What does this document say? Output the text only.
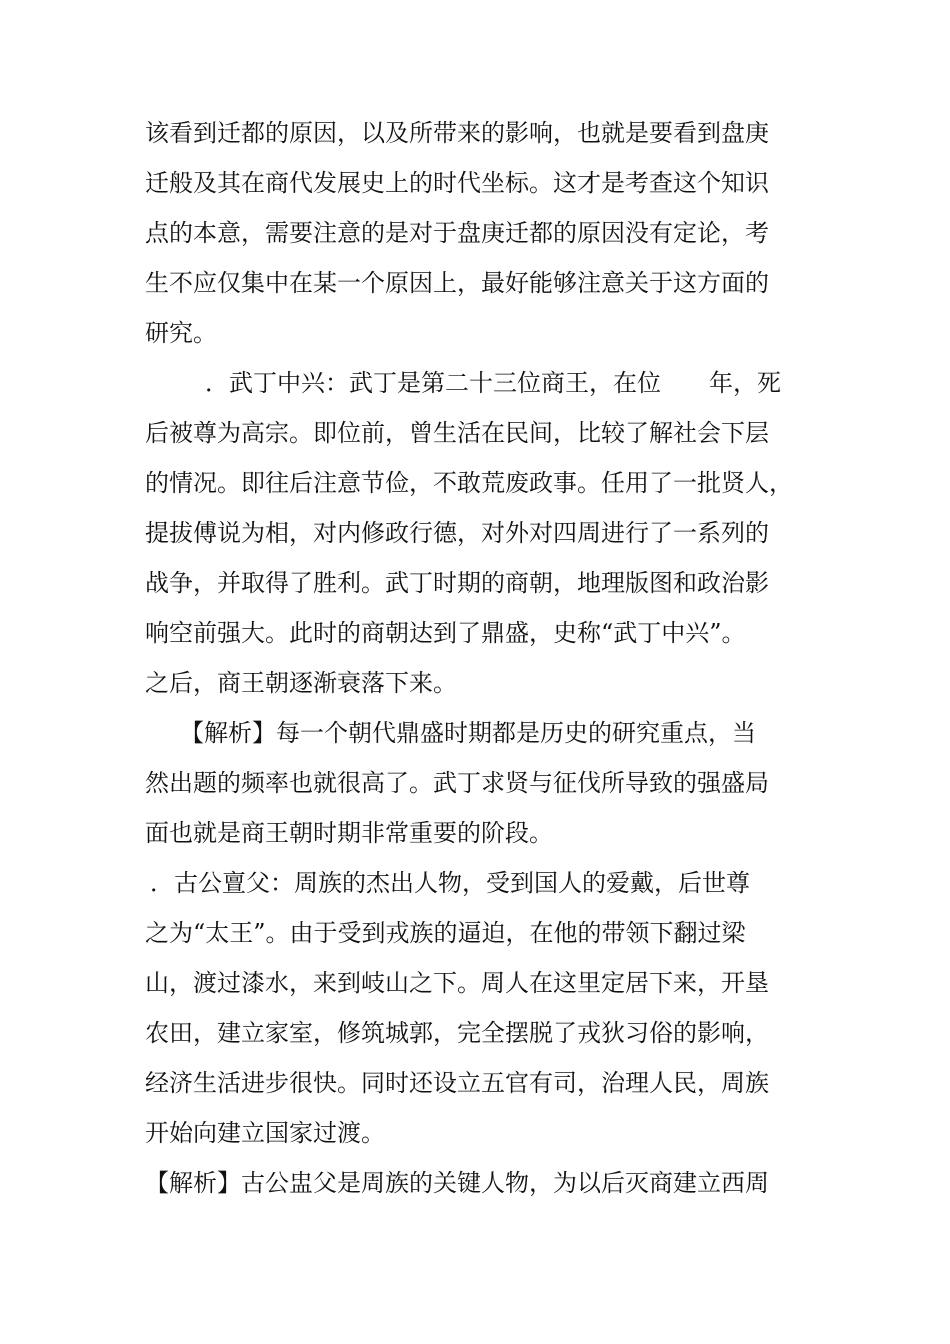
该看到迁都的原因，以及所带来的影响，也就是要看到盘庚
迁般及其在商代发展史上的时代坐标。这才是考查这个知识
点的本意，需要注意的是对于盘庚迁都的原因没有定论，考
生不应仅集中在某一个原因上，最好能够注意关于这方面的
研究。
．武丁中兴：武丁是第二十三位商王，在位　　年，死
后被尊为高宗。即位前，曾生活在民间，比较了解社会下层
的情况。即往后注意节俭，不敢荒废政事。任用了一批贤人，
提拔傅说为相，对内修政行德，对外对四周进行了一系列的
战争，并取得了胜利。武丁时期的商朝，地理版图和政治影
响空前强大。此时的商朝达到了鼎盛，史称“武丁中兴”。
之后，商王朝逐渐衰落下来。
【解析】每一个朝代鼎盛时期都是历史的研究重点，当
然出题的频率也就很高了。武丁求贤与征伐所导致的强盛局
面也就是商王朝时期非常重要的阶段。
．古公亶父：周族的杰出人物，受到国人的爱戴，后世尊
之为“太王”。由于受到戎族的逼迫，在他的带领下翻过梁
山，渡过漆水，来到岐山之下。周人在这里定居下来，开垦
农田，建立家室，修筑城郭，完全摆脱了戎狄习俗的影响，
经济生活进步很快。同时还设立五官有司，治理人民，周族
开始向建立国家过渡。
【解析】古公盅父是周族的关键人物，为以后灭商建立西周
